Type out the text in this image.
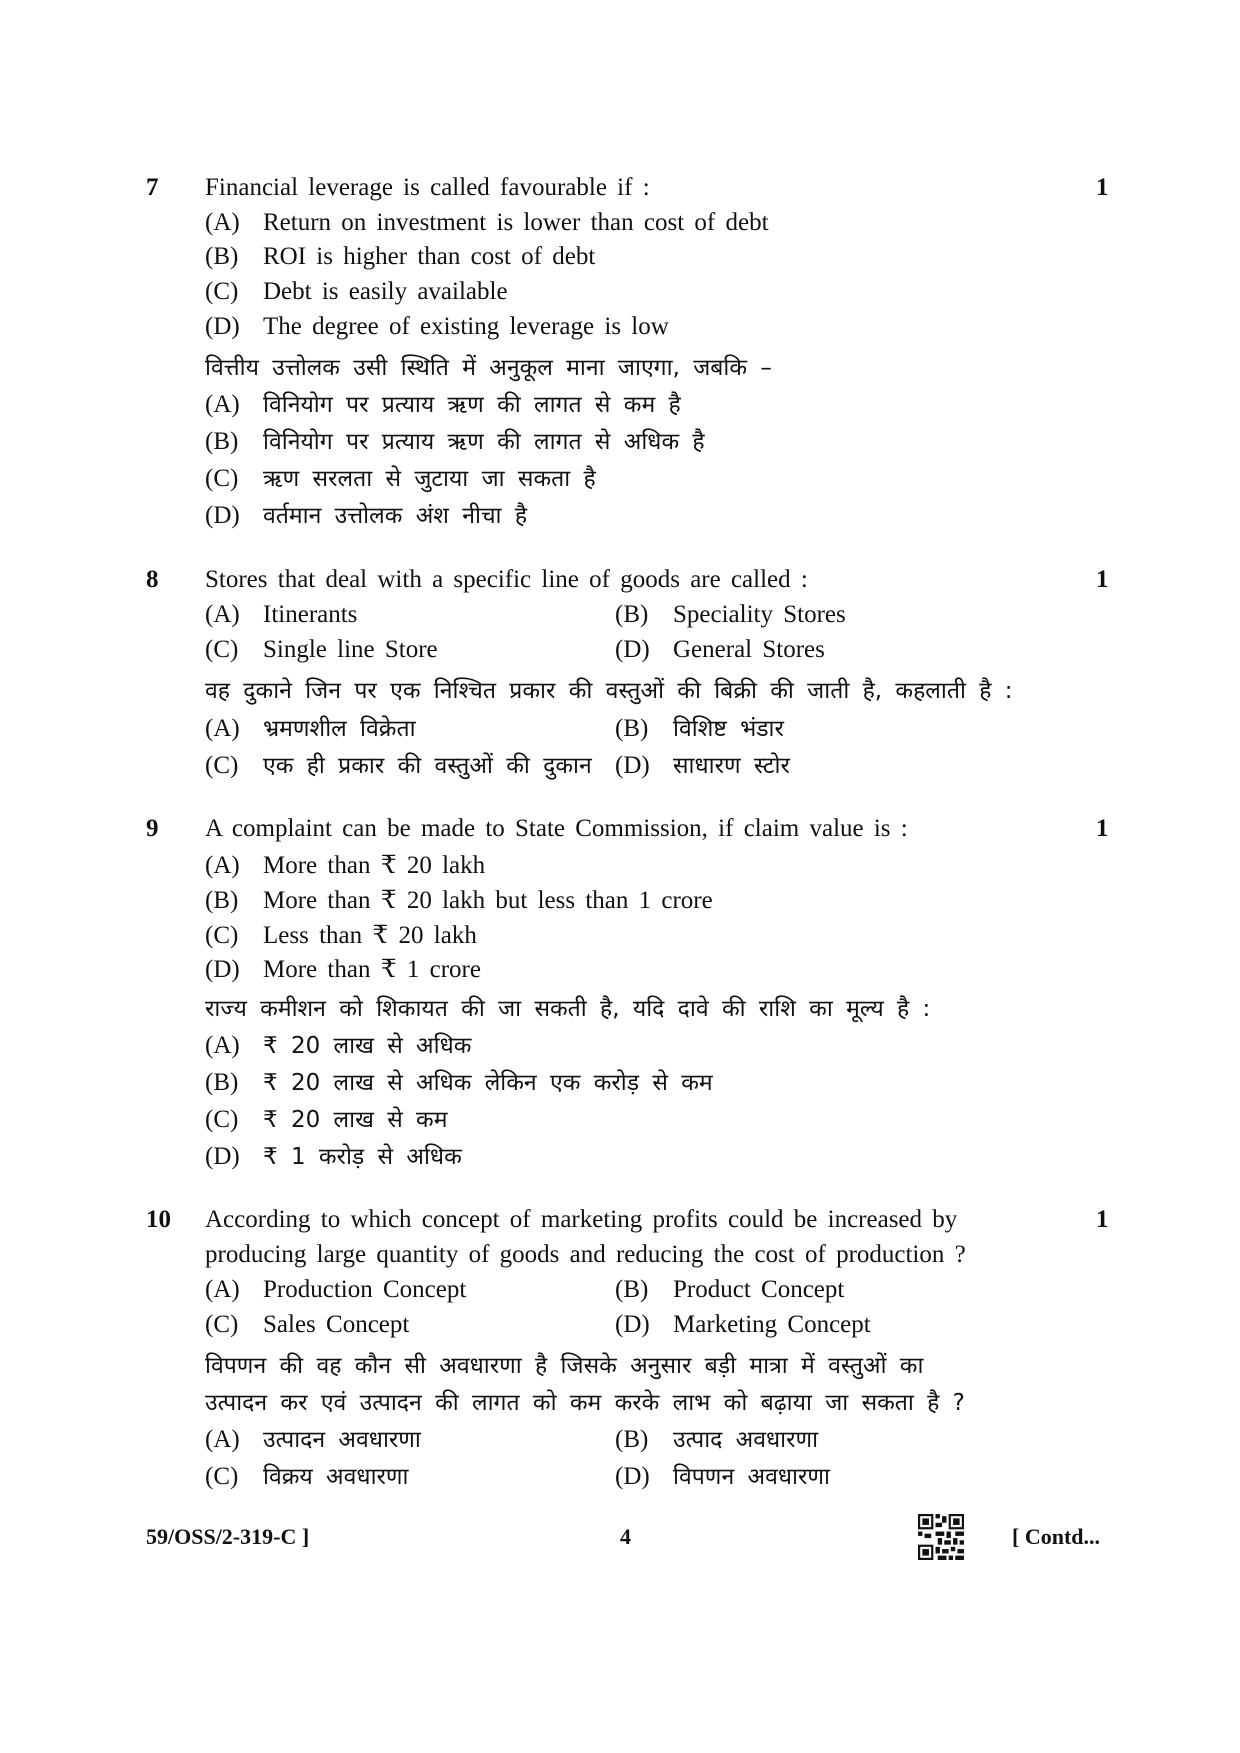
7	1
Financial leverage is called favourable if :
(A) Return on investment is lower than cost of debt
(B) ROI is higher than cost of debt
(C) Debt is easily available
(D) The degree of existing leverage is low
वित्तीय उत्तोलक उसी स्थिति में अनुकूल माना जाएगा, जबकि –
(A) विनियोग पर प्रत्याय ऋण की लागत से कम है
(B) विनियोग पर प्रत्याय ऋण की लागत से अधिक है
(C) ऋण सरलता से जुटाया जा सकता है
(D) वर्तमान उत्तोलक अंश नीचा है
8	1
Stores that deal with a specific line of goods are called :
(A) Itinerants	(B) Speciality Stores
(C) Single line Store	(D) General Stores
वह दुकाने जिन पर एक निश्चित प्रकार की वस्तुओं की बिक्री की जाती है, कहलाती है :
(A) भ्रमणशील विक्रेता	(B) विशिष्ट भंडार
(C) एक ही प्रकार की वस्तुओं की दुकान (D) साधारण स्टोर
9	1
A complaint can be made to State Commission, if claim value is :
(A) More than ₹ 20 lakh
(B) More than ₹ 20 lakh but less than 1 crore
(C) Less than ₹ 20 lakh
(D) More than ₹ 1 crore
राज्य कमीशन को शिकायत की जा सकती है, यदि दावे की राशि का मूल्य है :
(A) ₹ 20 लाख से अधिक
(B) ₹ 20 लाख से अधिक लेकिन एक करोड़ से कम
(C) ₹ 20 लाख से कम
(D) ₹ 1 करोड़ से अधिक
10	1
According to which concept of marketing profits could be increased by
producing large quantity of goods and reducing the cost of production ?
(A) Production Concept	(B) Product Concept
(C) Sales Concept	(D) Marketing Concept
विपणन की वह कौन सी अवधारणा है जिसके अनुसार बड़ी मात्रा में वस्तुओं का
उत्पादन कर एवं उत्पादन की लागत को कम करके लाभ को बढ़ाया जा सकता है ?
(A) उत्पादन अवधारणा	(B) उत्पाद अवधारणा
(C) विक्रय अवधारणा	(D) विपणन अवधारणा
59/OSS/2-319-C ]	4	[ Contd...
